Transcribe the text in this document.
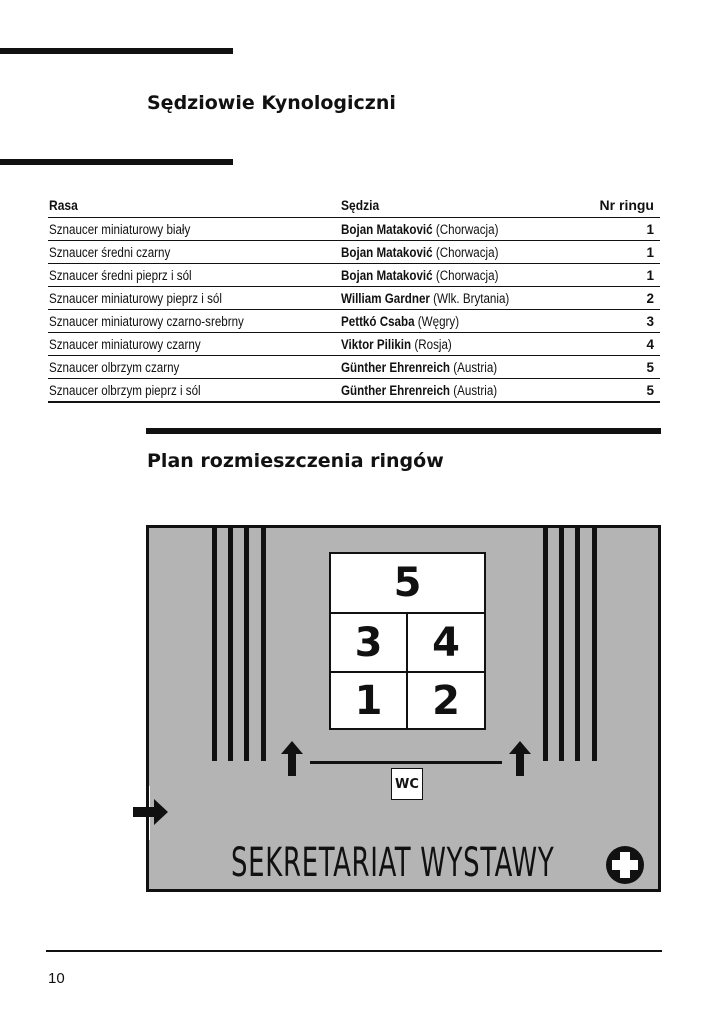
Sędziowie Kynologiczni
Rasa	Sędzia	Nr ringu
Sznaucer miniaturowy biały	Bojan Mataković (Chorwacja)	1
Sznaucer średni czarny	Bojan Mataković (Chorwacja)	1
Sznaucer średni pieprz i sól	Bojan Mataković (Chorwacja)	1
Sznaucer miniaturowy pieprz i sól	William Gardner (Wlk. Brytania)	2
Sznaucer miniaturowy czarno-srebrny	Pettkó Csaba (Węgry)	3
Sznaucer miniaturowy czarny	Viktor Pilikin (Rosja)	4
Sznaucer olbrzym czarny	Günther Ehrenreich (Austria)	5
Sznaucer olbrzym pieprz i sól	Günther Ehrenreich (Austria)	5
Plan rozmieszczenia ringów
5
3	4
1	2
WC
SEKRETARIAT WYSTAWY
10
